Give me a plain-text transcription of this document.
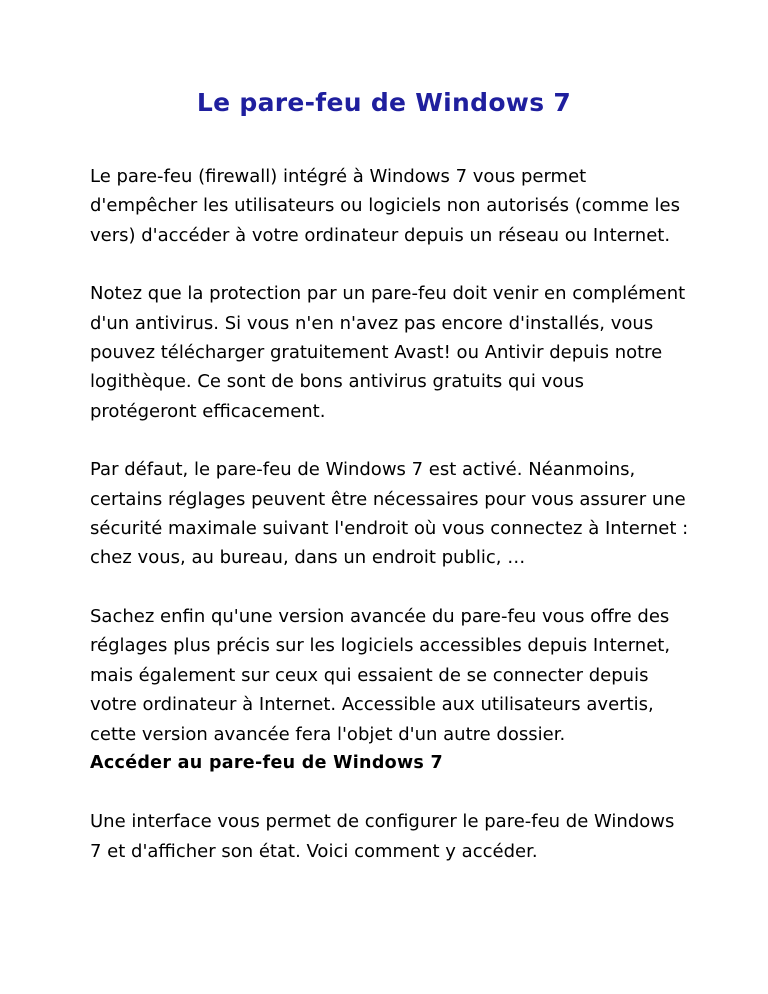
Le pare-feu de Windows 7

Le pare-feu (firewall) intégré à Windows 7 vous permet d'empêcher les utilisateurs ou logiciels non autorisés (comme les vers) d'accéder à votre ordinateur depuis un réseau ou Internet.

Notez que la protection par un pare-feu doit venir en complément d'un antivirus. Si vous n'en n'avez pas encore d'installés, vous pouvez télécharger gratuitement Avast! ou Antivir depuis notre logithèque. Ce sont de bons antivirus gratuits qui vous protégeront efficacement.

Par défaut, le pare-feu de Windows 7 est activé. Néanmoins, certains réglages peuvent être nécessaires pour vous assurer une sécurité maximale suivant l'endroit où vous connectez à Internet : chez vous, au bureau, dans un endroit public, …

Sachez enfin qu'une version avancée du pare-feu vous offre des réglages plus précis sur les logiciels accessibles depuis Internet, mais également sur ceux qui essaient de se connecter depuis votre ordinateur à Internet. Accessible aux utilisateurs avertis, cette version avancée fera l'objet d'un autre dossier.

Accéder au pare-feu de Windows 7

Une interface vous permet de configurer le pare-feu de Windows 7 et d'afficher son état. Voici comment y accéder.
